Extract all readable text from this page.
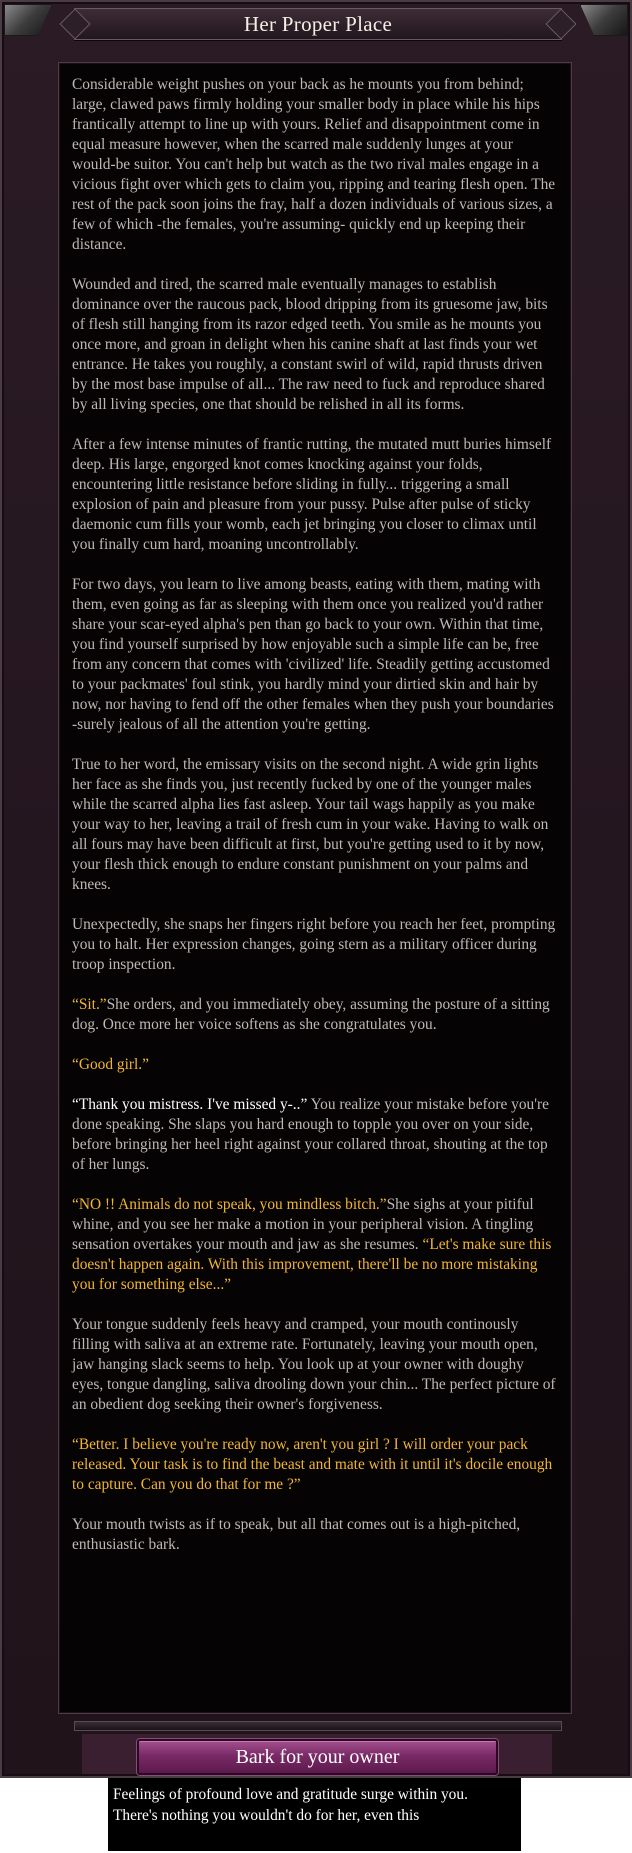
Her Proper Place

Considerable weight pushes on your back as he mounts you from behind; large, clawed paws firmly holding your smaller body in place while his hips frantically attempt to line up with yours. Relief and disappointment come in equal measure however, when the scarred male suddenly lunges at your would-be suitor. You can't help but watch as the two rival males engage in a vicious fight over which gets to claim you, ripping and tearing flesh open. The rest of the pack soon joins the fray, half a dozen individuals of various sizes, a few of which -the females, you're assuming- quickly end up keeping their distance.

Wounded and tired, the scarred male eventually manages to establish dominance over the raucous pack, blood dripping from its gruesome jaw, bits of flesh still hanging from its razor edged teeth. You smile as he mounts you once more, and groan in delight when his canine shaft at last finds your wet entrance. He takes you roughly, a constant swirl of wild, rapid thrusts driven by the most base impulse of all... The raw need to fuck and reproduce shared by all living species, one that should be relished in all its forms.

After a few intense minutes of frantic rutting, the mutated mutt buries himself deep. His large, engorged knot comes knocking against your folds, encountering little resistance before sliding in fully... triggering a small explosion of pain and pleasure from your pussy. Pulse after pulse of sticky daemonic cum fills your womb, each jet bringing you closer to climax until you finally cum hard, moaning uncontrollably.

For two days, you learn to live among beasts, eating with them, mating with them, even going as far as sleeping with them once you realized you'd rather share your scar-eyed alpha's pen than go back to your own. Within that time, you find yourself surprised by how enjoyable such a simple life can be, free from any concern that comes with 'civilized' life. Steadily getting accustomed to your packmates' foul stink, you hardly mind your dirtied skin and hair by now, nor having to fend off the other females when they push your boundaries -surely jealous of all the attention you're getting.

True to her word, the emissary visits on the second night. A wide grin lights her face as she finds you, just recently fucked by one of the younger males while the scarred alpha lies fast asleep. Your tail wags happily as you make your way to her, leaving a trail of fresh cum in your wake. Having to walk on all fours may have been difficult at first, but you're getting used to it by now, your flesh thick enough to endure constant punishment on your palms and knees.

Unexpectedly, she snaps her fingers right before you reach her feet, prompting you to halt. Her expression changes, going stern as a military officer during troop inspection.

“Sit.”She orders, and you immediately obey, assuming the posture of a sitting dog. Once more her voice softens as she congratulates you.

“Good girl.”

“Thank you mistress. I've missed y-..” You realize your mistake before you're done speaking. She slaps you hard enough to topple you over on your side, before bringing her heel right against your collared throat, shouting at the top of her lungs.

“NO !! Animals do not speak, you mindless bitch.”She sighs at your pitiful whine, and you see her make a motion in your peripheral vision. A tingling sensation overtakes your mouth and jaw as she resumes. “Let's make sure this doesn't happen again. With this improvement, there'll be no more mistaking you for something else...”

Your tongue suddenly feels heavy and cramped, your mouth continously filling with saliva at an extreme rate. Fortunately, leaving your mouth open, jaw hanging slack seems to help. You look up at your owner with doughy eyes, tongue dangling, saliva drooling down your chin... The perfect picture of an obedient dog seeking their owner's forgiveness.

“Better. I believe you're ready now, aren't you girl ? I will order your pack released. Your task is to find the beast and mate with it until it's docile enough to capture. Can you do that for me ?”

Your mouth twists as if to speak, but all that comes out is a high-pitched, enthusiastic bark.

Bark for your owner
Feelings of profound love and gratitude surge within you.
There's nothing you wouldn't do for her, even this
